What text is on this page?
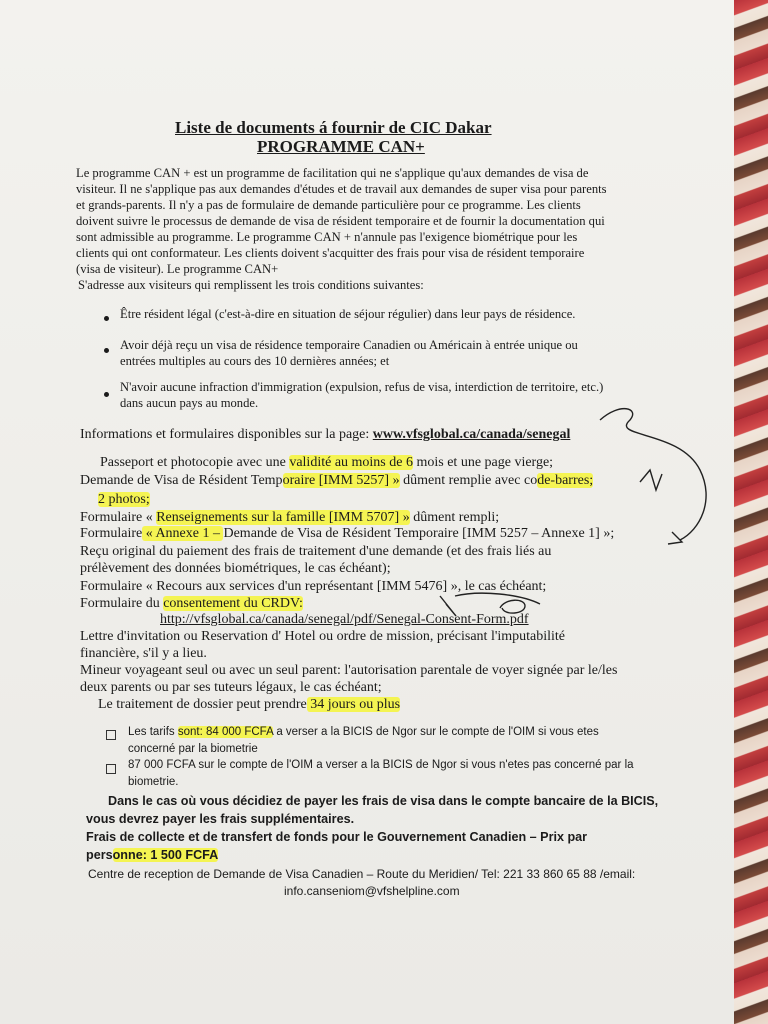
Liste de documents á fournir de CIC Dakar
PROGRAMME CAN+
Le programme CAN + est un programme de facilitation qui ne s'applique qu'aux demandes de visa de
visiteur. Il ne s'applique pas aux demandes d'études et de travail aux demandes de super visa pour parents
et grands-parents. Il n'y a pas de formulaire de demande particulière pour ce programme. Les clients
doivent suivre le processus de demande de visa de résident temporaire et de fournir la documentation qui
sont admissible au programme. Le programme CAN + n'annule pas l'exigence biométrique pour les
clients qui ont conformateur. Les clients doivent s'acquitter des frais pour visa de résident temporaire
(visa de visiteur). Le programme CAN+
S'adresse aux visiteurs qui remplissent les trois conditions suivantes:
Être résident légal (c'est-à-dire en situation de séjour régulier) dans leur pays de résidence.
Avoir déjà reçu un visa de résidence temporaire Canadien ou Américain à entrée unique ou
entrées multiples au cours des 10 dernières années; et
N'avoir aucune infraction d'immigration (expulsion, refus de visa, interdiction de territoire, etc.)
dans aucun pays au monde.
Informations et formulaires disponibles sur la page: www.vfsglobal.ca/canada/senegal
Passeport et photocopie avec une validité au moins de 6 mois et une page vierge;
Demande de Visa de Résident Temporaire [IMM 5257] » dûment remplie avec code-barres;
2 photos;
Formulaire « Renseignements sur la famille [IMM 5707] » dûment rempli;
Formulaire « Annexe 1 – Demande de Visa de Résident Temporaire [IMM 5257 – Annexe 1] »;
Reçu original du paiement des frais de traitement d'une demande (et des frais liés au
prélèvement des données biométriques, le cas échéant);
Formulaire « Recours aux services d'un représentant [IMM 5476] », le cas échéant;
Formulaire du consentement du CRDV:
http://vfsglobal.ca/canada/senegal/pdf/Senegal-Consent-Form.pdf
Lettre d'invitation ou Reservation d' Hotel ou ordre de mission, précisant l'imputabilité
financière, s'il y a lieu.
Mineur voyageant seul ou avec un seul parent: l'autorisation parentale de voyer signée par le/les
deux parents ou par ses tuteurs légaux, le cas échéant;
Le traitement de dossier peut prendre 34 jours ou plus
Les tarifs sont: 84 000 FCFA a verser a la BICIS de Ngor sur le compte de l'OIM si vous etes
concerné par la biometrie
87 000 FCFA sur le compte de l'OIM a verser a la BICIS de Ngor si vous n'etes pas concerné par la
biometrie.
Dans le cas où vous décidiez de payer les frais de visa dans le compte bancaire de la BICIS,
vous devrez payer les frais supplémentaires.
Frais de collecte et de transfert de fonds pour le Gouvernement Canadien – Prix par
personne: 1 500 FCFA
Centre de reception de Demande de Visa Canadien – Route du Meridien/ Tel: 221 33 860 65 88 /email:
info.canseniom@vfshelpline.com
